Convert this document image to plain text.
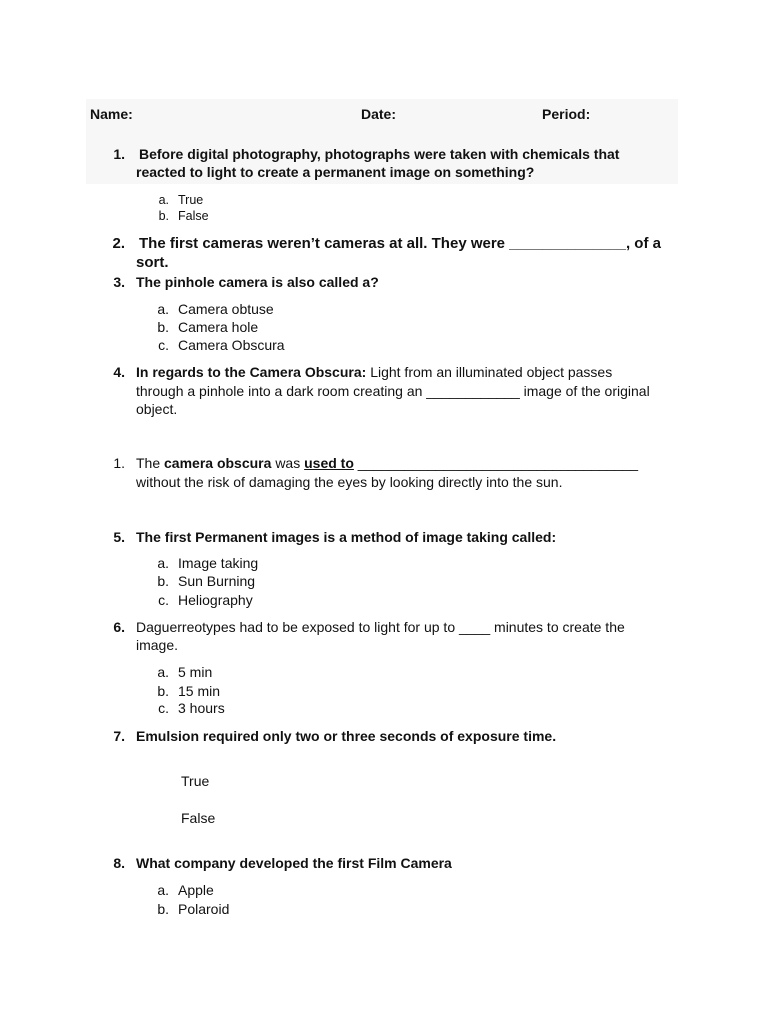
Name:	Date:	Period:
1. Before digital photography, photographs were taken with chemicals that
reacted to light to create a permanent image on something?
a. True
b. False
2. The first cameras weren’t cameras at all. They were ______________, of a
sort.
3. The pinhole camera is also called a?
a. Camera obtuse
b. Camera hole
c. Camera Obscura
4. In regards to the Camera Obscura: Light from an illuminated object passes
through a pinhole into a dark room creating an ____________ image of the original
object.
1. The camera obscura was used to ____________________________________
without the risk of damaging the eyes by looking directly into the sun.
5. The first Permanent images is a method of image taking called:
a. Image taking
b. Sun Burning
c. Heliography
6. Daguerreotypes had to be exposed to light for up to ____ minutes to create the
image.
a. 5 min
b. 15 min
c. 3 hours
7. Emulsion required only two or three seconds of exposure time.
True
False
8. What company developed the first Film Camera
a. Apple
b. Polaroid
